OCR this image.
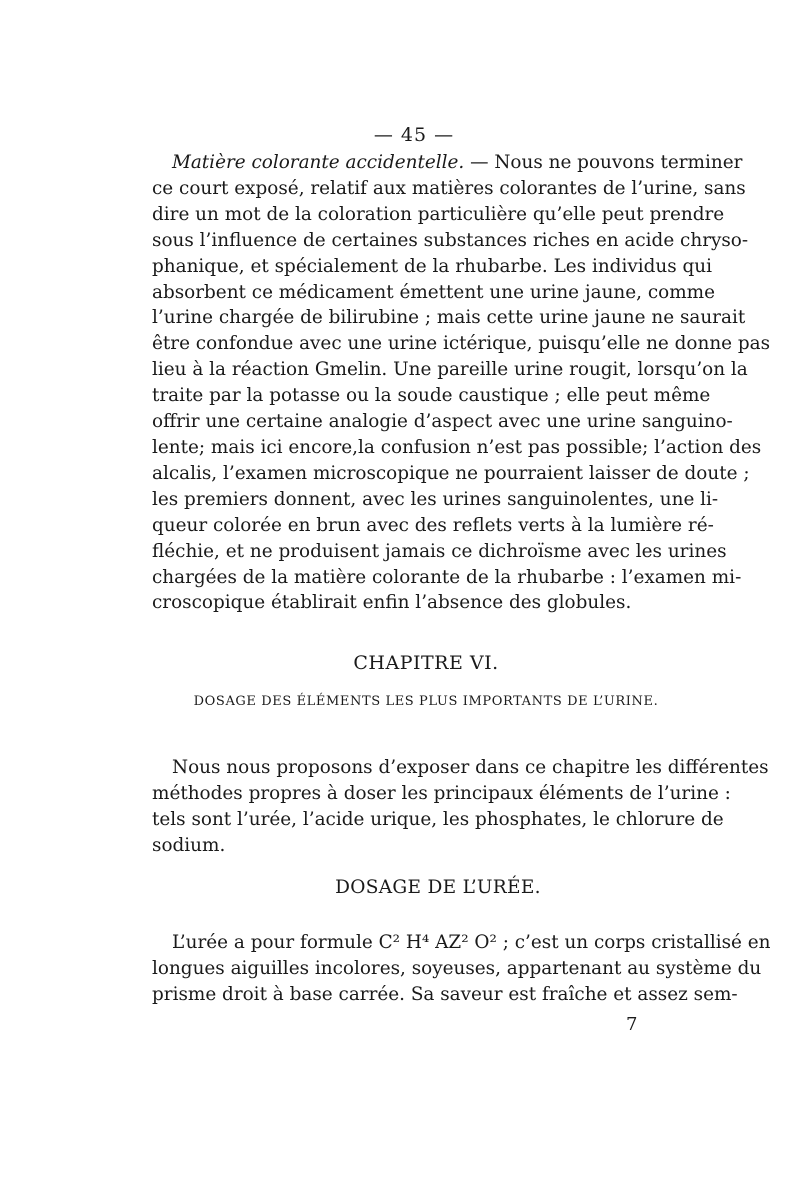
— 45 —

Matière colorante accidentelle. — Nous ne pouvons terminer
ce court exposé, relatif aux matières colorantes de l’urine, sans
dire un mot de la coloration particulière qu’elle peut prendre
sous l’influence de certaines substances riches en acide chryso-
phanique, et spécialement de la rhubarbe. Les individus qui
absorbent ce médicament émettent une urine jaune, comme
l’urine chargée de bilirubine ; mais cette urine jaune ne saurait
être confondue avec une urine ictérique, puisqu’elle ne donne pas
lieu à la réaction Gmelin. Une pareille urine rougit, lorsqu’on la
traite par la potasse ou la soude caustique ; elle peut même
offrir une certaine analogie d’aspect avec une urine sanguino-
lente; mais ici encore,la confusion n’est pas possible; l’action des
alcalis, l’examen microscopique ne pourraient laisser de doute ;
les premiers donnent, avec les urines sanguinolentes, une li-
queur colorée en brun avec des reflets verts à la lumière ré-
fléchie, et ne produisent jamais ce dichroïsme avec les urines
chargées de la matière colorante de la rhubarbe : l’examen mi-
croscopique établirait enfin l’absence des globules.

CHAPITRE VI.
DOSAGE DES ÉLÉMENTS LES PLUS IMPORTANTS DE L’URINE.

Nous nous proposons d’exposer dans ce chapitre les différentes
méthodes propres à doser les principaux éléments de l’urine :
tels sont l’urée, l’acide urique, les phosphates, le chlorure de
sodium.

DOSAGE DE L’URÉE.

L’urée a pour formule C² H⁴ AZ² O² ; c’est un corps cristallisé en
longues aiguilles incolores, soyeuses, appartenant au système du
prisme droit à base carrée. Sa saveur est fraîche et assez sem-

7
